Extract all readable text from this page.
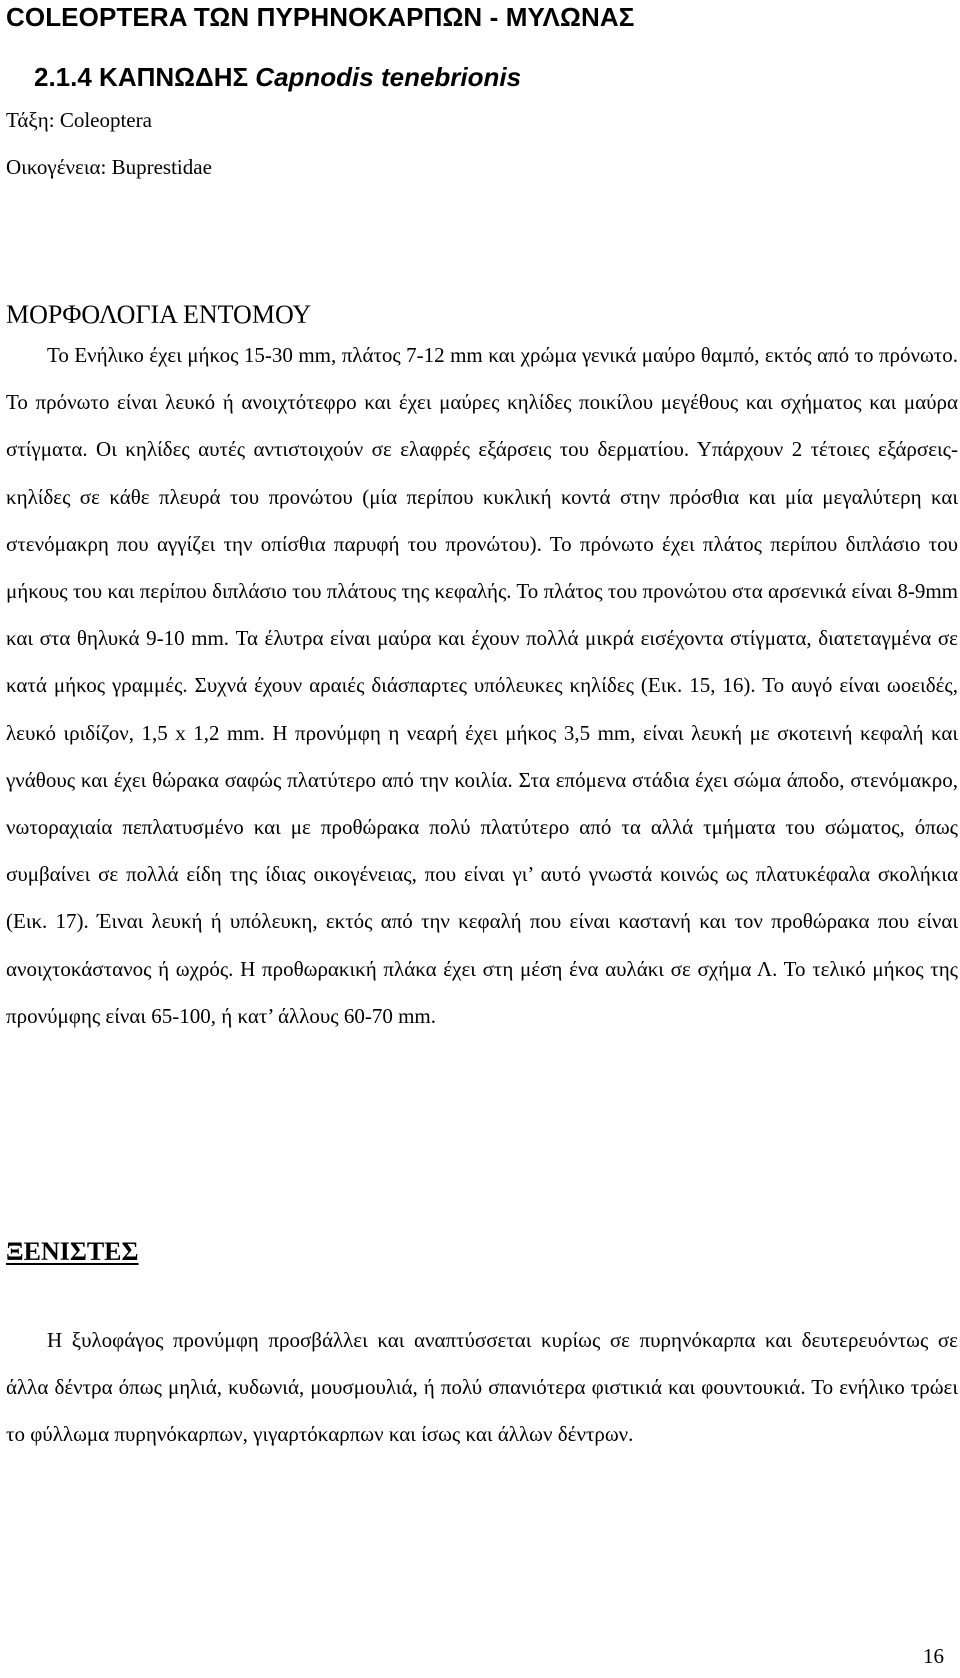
COLEOPTERA ΤΩΝ ΠΥΡΗΝΟΚΑΡΠΩΝ - ΜΥΛΩΝΑΣ
2.1.4 ΚΑΠΝΩΔΗΣ Capnodis tenebrionis
Τάξη: Coleoptera
Οικογένεια: Buprestidae
ΜΟΡΦΟΛΟΓΙΑ ΕΝΤΟΜΟΥ

Το Ενήλικο έχει μήκος 15-30 mm, πλάτος 7-12 mm και χρώμα γενικά μαύρο θαμπό, εκτός από το πρόνωτο. Το πρόνωτο είναι λευκό ή ανοιχτότεφρο και έχει μαύρες κηλίδες ποικίλου μεγέθους και σχήματος και μαύρα στίγματα. Οι κηλίδες αυτές αντιστοιχούν σε ελαφρές εξάρσεις του δερματίου. Υπάρχουν 2 τέτοιες εξάρσεις-κηλίδες σε κάθε πλευρά του προνώτου (μία περίπου κυκλική κοντά στην πρόσθια και μία μεγαλύτερη και στενόμακρη που αγγίζει την οπίσθια παρυφή του προνώτου). Το πρόνωτο έχει πλάτος περίπου διπλάσιο του μήκους του και περίπου διπλάσιο του πλάτους της κεφαλής. Το πλάτος του προνώτου στα αρσενικά είναι 8-9mm και στα θηλυκά 9-10 mm. Τα έλυτρα είναι μαύρα και έχουν πολλά μικρά εισέχοντα στίγματα, διατεταγμένα σε κατά μήκος γραμμές. Συχνά έχουν αραιές διάσπαρτες υπόλευκες κηλίδες (Εικ. 15, 16). Το αυγό είναι ωοειδές, λευκό ιριδίζον, 1,5 x 1,2 mm. Η προνύμφη η νεαρή έχει μήκος 3,5 mm, είναι λευκή με σκοτεινή κεφαλή και γνάθους και έχει θώρακα σαφώς πλατύτερο από την κοιλία. Στα επόμενα στάδια έχει σώμα άποδο, στενόμακρο, νωτοραχιαία πεπλατυσμένο και με προθώρακα πολύ πλατύτερο από τα αλλά τμήματα του σώματος, όπως συμβαίνει σε πολλά είδη της ίδιας οικογένειας, που είναι γι’ αυτό γνωστά κοινώς ως πλατυκέφαλα σκολήκια (Εικ. 17). Έιναι λευκή ή υπόλευκη, εκτός από την κεφαλή που είναι καστανή και τον προθώρακα που είναι ανοιχτοκάστανος ή ωχρός. Η προθωρακική πλάκα έχει στη μέση ένα αυλάκι σε σχήμα Λ. Το τελικό μήκος της προνύμφης είναι 65-100, ή κατ’ άλλους 60-70 mm.

ΞΕΝΙΣΤΕΣ

Η ξυλοφάγος προνύμφη προσβάλλει και αναπτύσσεται κυρίως σε πυρηνόκαρπα και δευτερευόντως σε άλλα δέντρα όπως μηλιά, κυδωνιά, μουσμουλιά, ή πολύ σπανιότερα φιστικιά και φουντουκιά. Το ενήλικο τρώει το φύλλωμα πυρηνόκαρπων, γιγαρτόκαρπων και ίσως και άλλων δέντρων.

16
